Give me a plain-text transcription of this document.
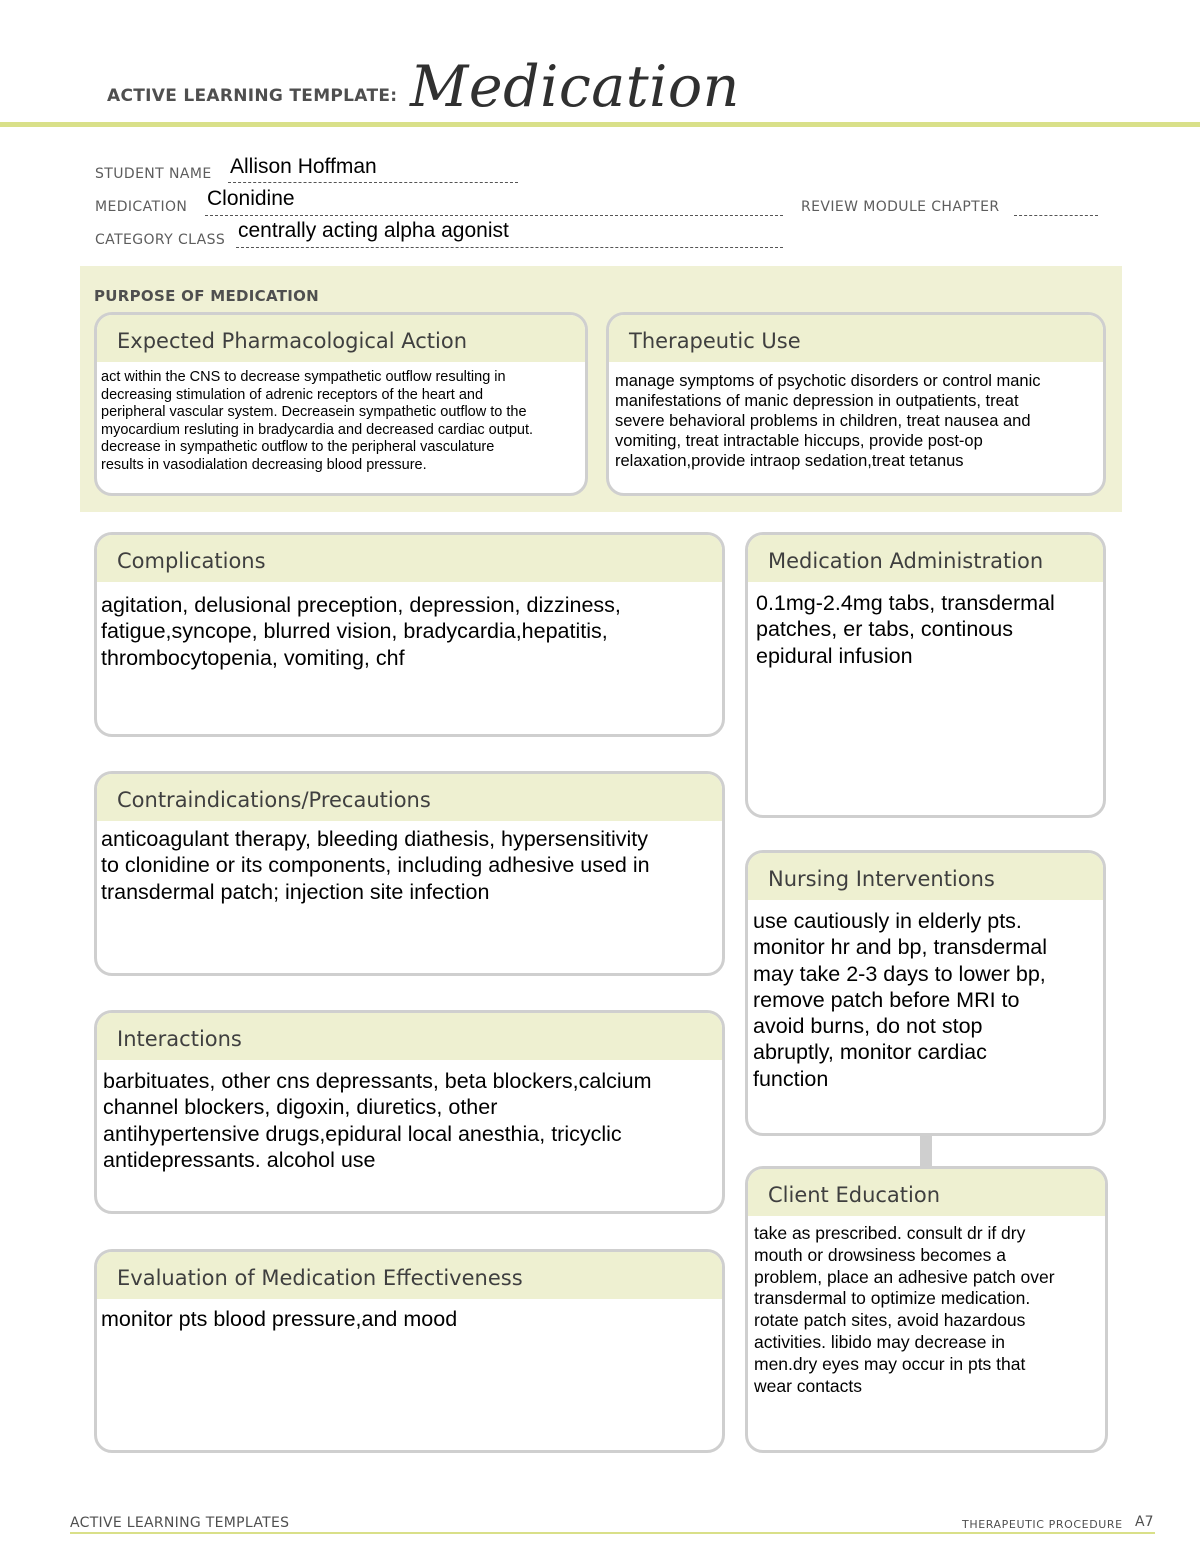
ACTIVE LEARNING TEMPLATE: Medication
STUDENT NAME Allison Hoffman
MEDICATION Clonidine	REVIEW MODULE CHAPTER
CATEGORY CLASS centrally acting alpha agonist
PURPOSE OF MEDICATION
Expected Pharmacological Action
act within the CNS to decrease sympathetic outflow resulting in
decreasing stimulation of adrenic receptors of the heart and
peripheral vascular system. Decreasein sympathetic outflow to the
myocardium resluting in bradycardia and decreased cardiac output.
decrease in sympathetic outflow to the peripheral vasculature
results in vasodialation decreasing blood pressure.
Therapeutic Use
manage symptoms of psychotic disorders or control manic
manifestations of manic depression in outpatients, treat
severe behavioral problems in children, treat nausea and
vomiting, treat intractable hiccups, provide post-op
relaxation,provide intraop sedation,treat tetanus
Complications
agitation, delusional preception, depression, dizziness,
fatigue,syncope, blurred vision, bradycardia,hepatitis,
thrombocytopenia, vomiting, chf
Contraindications/Precautions
anticoagulant therapy, bleeding diathesis, hypersensitivity
to clonidine or its components, including adhesive used in
transdermal patch; injection site infection
Interactions
barbituates, other cns depressants, beta blockers,calcium
channel blockers, digoxin, diuretics, other
antihypertensive drugs,epidural local anesthia, tricyclic
antidepressants. alcohol use
Evaluation of Medication Effectiveness
monitor pts blood pressure,and mood
Medication Administration
0.1mg-2.4mg tabs, transdermal
patches, er tabs, continous
epidural infusion
Nursing Interventions
use cautiously in elderly pts.
monitor hr and bp, transdermal
may take 2-3 days to lower bp,
remove patch before MRI to
avoid burns, do not stop
abruptly, monitor cardiac
function
Client Education
take as prescribed. consult dr if dry
mouth or drowsiness becomes a
problem, place an adhesive patch over
transdermal to optimize medication.
rotate patch sites, avoid hazardous
activities. libido may decrease in
men.dry eyes may occur in pts that
wear contacts
ACTIVE LEARNING TEMPLATES	THERAPEUTIC PROCEDURE A7
